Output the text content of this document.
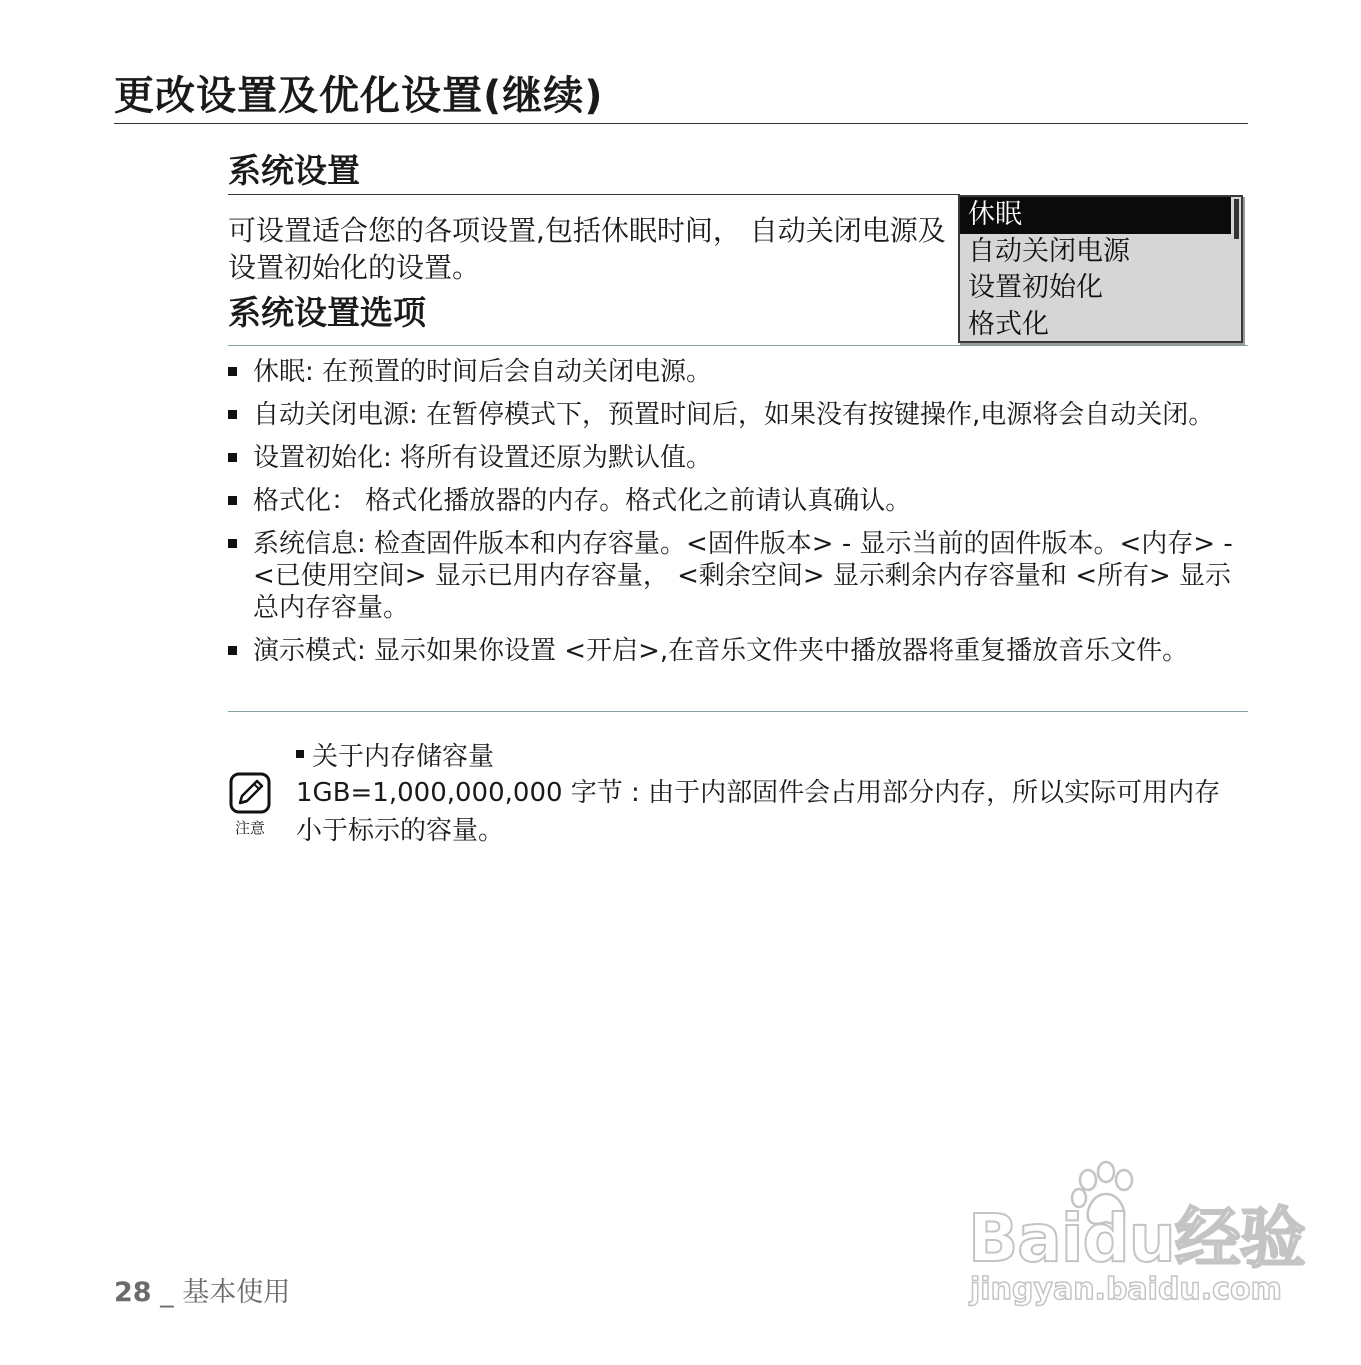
更改设置及优化设置(继续)
系统设置
可设置适合您的各项设置,包括休眠时间， 自动关闭电源及设置初始化的设置。
系统设置选项
休眠
自动关闭电源
设置初始化
格式化
休眠: 在预置的时间后会自动关闭电源。
自动关闭电源: 在暂停模式下，预置时间后，如果没有按键操作,电源将会自动关闭。
设置初始化: 将所有设置还原为默认值。
格式化： 格式化播放器的内存。格式化之前请认真确认。
系统信息: 检查固件版本和内存容量。<固件版本> - 显示当前的固件版本。<内存> - <已使用空间> 显示已用内存容量， <剩余空间> 显示剩余内存容量和 <所有> 显示总内存容量。
演示模式: 显示如果你设置 <开启>,在音乐文件夹中播放器将重复播放音乐文件。
注意
关于内存储容量
1GB=1,000,000,000 字节 : 由于内部固件会占用部分内存，所以实际可用内存小于标示的容量。
28 _ 基本使用
Baidu经验
jingyan.baidu.com
